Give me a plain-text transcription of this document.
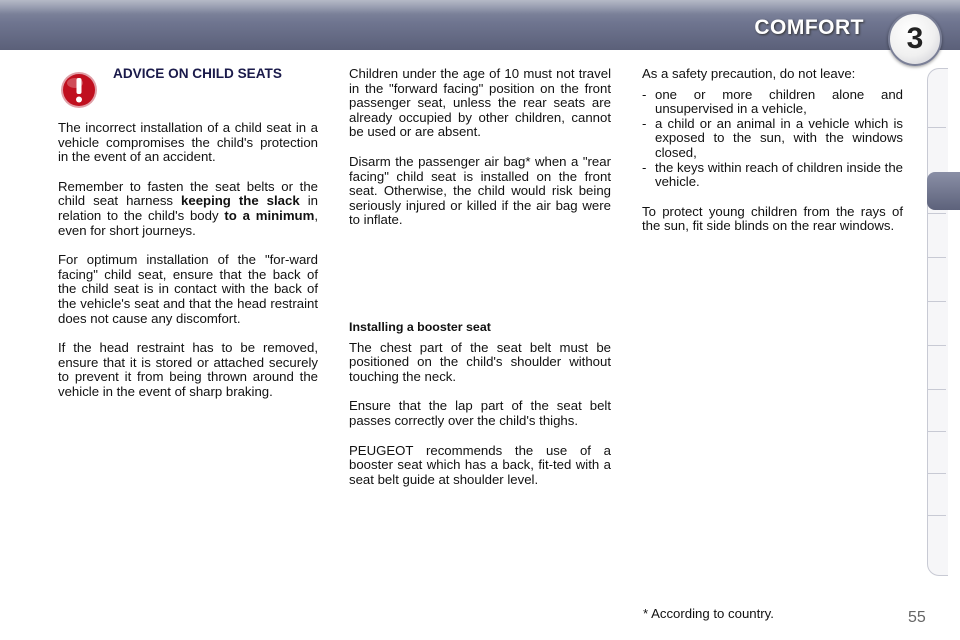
COMFORT	3
ADVICE ON CHILD SEATS

The incorrect installation of a child seat in a vehicle compromises the child's protection in the event of an accident.

Remember to fasten the seat belts or the child seat harness keeping the slack in relation to the child's body to a minimum, even for short journeys.

For optimum installation of the "for-ward facing" child seat, ensure that the back of the child seat is in contact with the back of the vehicle's seat and that the head restraint does not cause any discomfort.

If the head restraint has to be removed, ensure that it is stored or attached securely to prevent it from being thrown around the vehicle in the event of sharp braking.

Children under the age of 10 must not travel in the "forward facing" position on the front passenger seat, unless the rear seats are already occupied by other children, cannot be used or are absent.

Disarm the passenger air bag* when a "rear facing" child seat is installed on the front seat. Otherwise, the child would risk being seriously injured or killed if the air bag were to inflate.

Installing a booster seat

The chest part of the seat belt must be positioned on the child's shoulder without touching the neck.

Ensure that the lap part of the seat belt passes correctly over the child's thighs.

PEUGEOT recommends the use of a booster seat which has a back, fit-ted with a seat belt guide at shoulder level.

As a safety precaution, do not leave:

- one or more children alone and unsupervised in a vehicle,
- a child or an animal in a vehicle which is exposed to the sun, with the windows closed,
- the keys within reach of children inside the vehicle.

To protect young children from the rays of the sun, fit side blinds on the rear windows.

* According to country.	55
